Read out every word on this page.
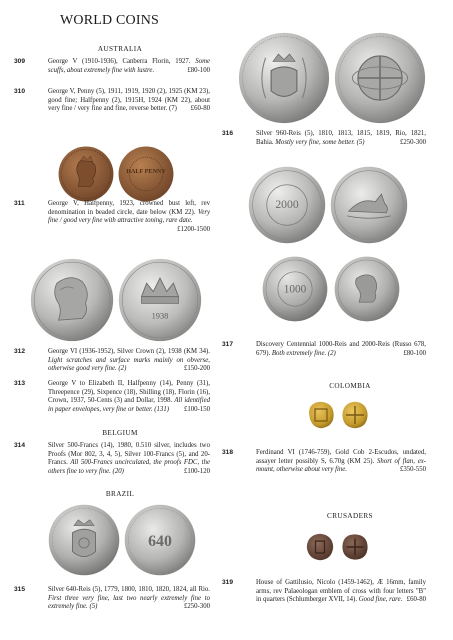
WORLD COINS
AUSTRALIA
309	George V (1910-1936), Canberra Florin, 1927. Some scuffs, about extremely fine with lustre.	£80-100
310	George V, Penny (5), 1911, 1919, 1920 (2), 1925 (KM 23), good fine; Halfpenny (2), 1915H, 1924 (KM 22), about very fine / very fine and fine, reverse better. (7) £60-80
HALF PENNY
311	George V, Halfpenny, 1923, crowned bust left, rev denomination in beaded circle, date below (KM 22). Very fine / good very fine with attractive toning, rare date.
£1200-1500
1938
312	George VI (1936-1952), Silver Crown (2), 1938 (KM 34). Light scratches and surface marks mainly on obverse, otherwise good very fine. (2)	£150-200
313	George V to Elizabeth II, Halfpenny (14), Penny (31), Threepence (29), Sixpence (18), Shilling (18), Florin (16), Crown, 1937, 50-Cents (3) and Dollar, 1998. All identified in paper envelopes, very fine or better. (131) £100-150
BELGIUM
314	Silver 500-Francs (14), 1980, 0.510 silver, includes two Proofs (Mor 802, 3, 4, 5), Silver 100-Francs (5), and 20-Francs. All 500-Francs uncirculated, the proofs FDC, the others fine to very fine. (20)	£100-120
BRAZIL
640
315	Silver 640-Reis (5), 1779, 1800, 1810, 1820, 1824, all Rio. First three very fine, last two nearly extremely fine to extremely fine. (5)	£250-300
316	Silver 960-Reis (5), 1810, 1813, 1815, 1819, Rio, 1821, Bahia. Mostly very fine, some better. (5)	£250-300
2000
1000
317	Discovery Centennial 1000-Reis and 2000-Reis (Russo 678, 679). Both extremely fine. (2)	£80-100
COLOMBIA
318	Ferdinand VI (1746-759), Gold Cob 2-Escudos, undated, assayer letter possibly S, 6.70g (KM 25). Short of flan, ex-mount, otherwise about very fine.	£350-550
CRUSADERS
319	House of Gattilusio, Nicolo (1459-1462), Æ 16mm, family arms, rev Palaeologan emblem of cross with four letters "B" in quarters (Schlumberger XVII, 14). Good fine, rare. £60-80
